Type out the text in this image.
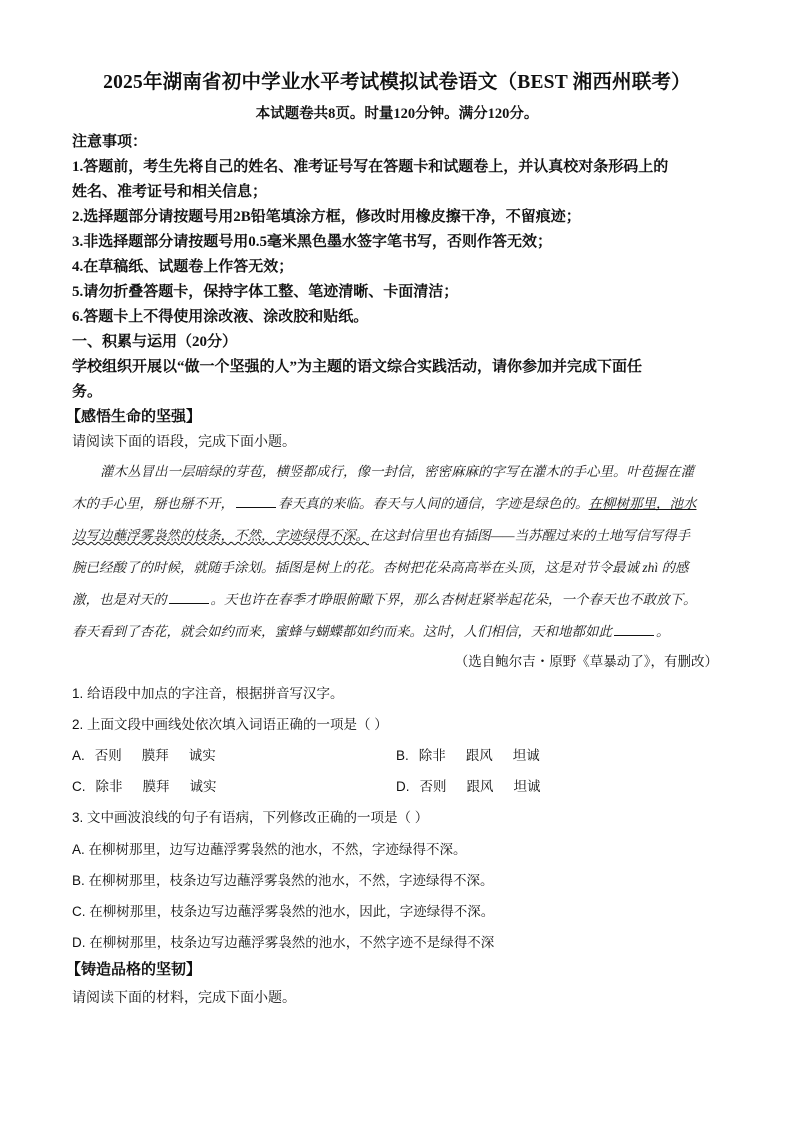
2025年湖南省初中学业水平考试模拟试卷语文（BEST 湘西州联考）
本试题卷共8页。时量120分钟。满分120分。
注意事项：
1.答题前，考生先将自己的姓名、准考证号写在答题卡和试题卷上，并认真校对条形码上的
姓名、准考证号和相关信息；
2.选择题部分请按题号用2B铅笔填涂方框，修改时用橡皮擦干净，不留痕迹；
3.非选择题部分请按题号用0.5毫米黑色墨水签字笔书写，否则作答无效；
4.在草稿纸、试题卷上作答无效；
5.请勿折叠答题卡，保持字体工整、笔迹清晰、卡面清洁；
6.答题卡上不得使用涂改液、涂改胶和贴纸。
一、积累与运用（20分）
学校组织开展以“做一个坚强的人”为主题的语文综合实践活动，请你参加并完成下面任
务。
【感悟生命的坚强】
请阅读下面的语段，完成下面小题。
灌木丛冒出一层暗绿的芽苞，横竖都成行，像一封信，密密麻麻的字写在灌木的手心里。叶苞握在灌
木的手心里，掰也掰不开，	春天真的来临。春天与人间的通信，字迹是绿色的。在柳树那里，池水
边写边蘸浮雾袅然的枝条，不然，字迹绿得不深。在这封信里也有插图——当苏醒过来的土地写信写得手
腕已经酸了的时候，就随手涂划。插图是树上的花。杏树把花朵高高举在头顶，这是对节令最诚 zhì 的感
激，也是对天的	。天也许在春季才睁眼俯瞰下界，那么杏树赶紧举起花朵，一个春天也不敢放下。
春天看到了杏花，就会如约而来，蜜蜂与蝴蝶都如约而来。这时，人们相信，天和地都如此	。
（选自鲍尔吉・原野《草暴动了》，有删改）
1. 给语段中加点的字注音，根据拼音写汉字。
2. 上面文段中画线处依次填入词语正确的一项是（ ）
A. 否则 膜拜 诚实	B. 除非 跟风 坦诚
C. 除非 膜拜 诚实	D. 否则 跟风 坦诚
3. 文中画波浪线的句子有语病，下列修改正确的一项是（ ）
A. 在柳树那里，边写边蘸浮雾袅然的池水，不然，字迹绿得不深。
B. 在柳树那里，枝条边写边蘸浮雾袅然的池水，不然，字迹绿得不深。
C. 在柳树那里，枝条边写边蘸浮雾袅然的池水，因此，字迹绿得不深。
D. 在柳树那里，枝条边写边蘸浮雾袅然的池水，不然字迹不是绿得不深
【铸造品格的坚韧】
请阅读下面的材料，完成下面小题。
